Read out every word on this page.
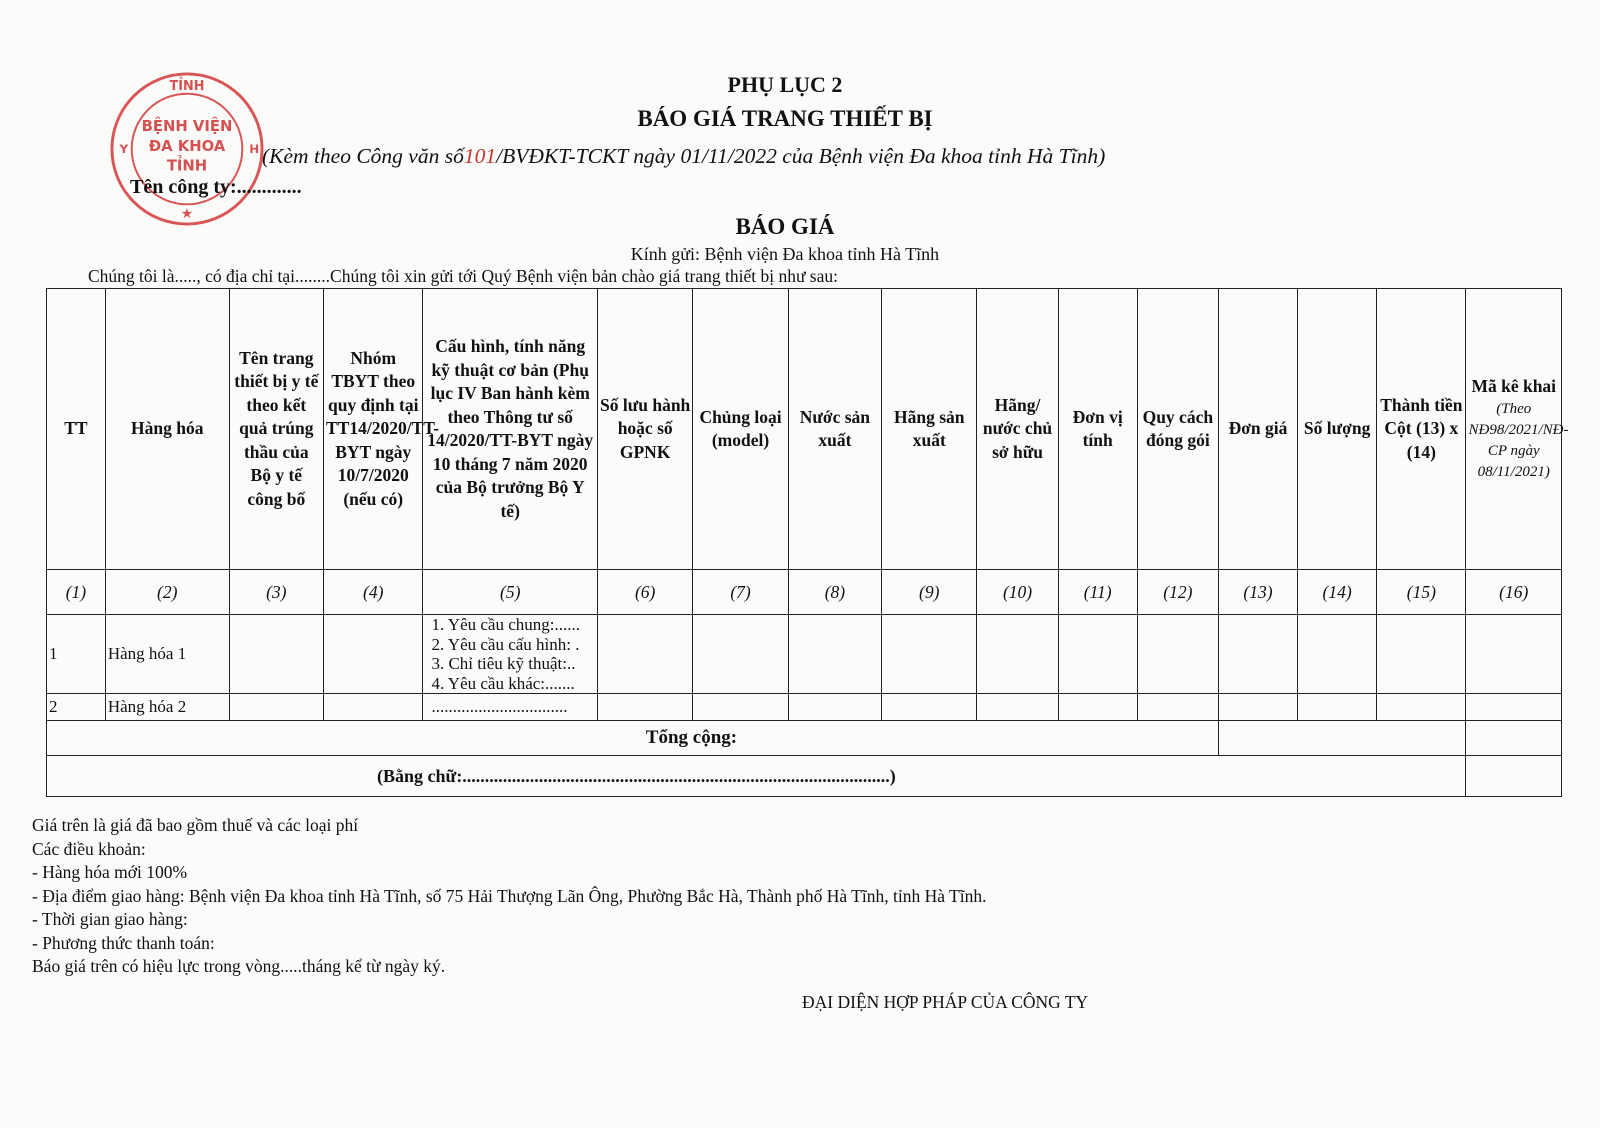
TỈNH
BỆNH VIỆN
ĐA KHOA
TỈNH
★
Y	H
PHỤ LỤC 2
BÁO GIÁ TRANG THIẾT BỊ
(Kèm theo Công văn số101/BVĐKT-TCKT ngày 01/11/2022 của Bệnh viện Đa khoa tỉnh Hà Tĩnh)
Tên công ty:.............
BÁO GIÁ
Kính gửi: Bệnh viện Đa khoa tỉnh Hà Tĩnh
Chúng tôi là....., có địa chỉ tại........Chúng tôi xin gửi tới Quý Bệnh viện bản chào giá trang thiết bị như sau:
TT	Hàng hóa	Tên trang thiết bị y tế theo kết quả trúng thầu của Bộ y tế công bố	Nhóm TBYT theo quy định tại TT14/2020/TT-BYT ngày 10/7/2020 (nếu có)	Cấu hình, tính năng kỹ thuật cơ bản (Phụ lục IV Ban hành kèm theo Thông tư số 14/2020/TT-BYT ngày 10 tháng 7 năm 2020 của Bộ trưởng Bộ Y tế)	Số lưu hành hoặc số GPNK	Chủng loại (model)	Nước sản xuất	Hãng sản xuất	Hãng/ nước chủ sở hữu	Đơn vị tính	Quy cách đóng gói	Đơn giá	Số lượng	Thành tiền Cột (13) x (14)	Mã kê khai
(Theo NĐ98/2021/NĐ-CP ngày 08/11/2021)
(1)	(2)	(3)	(4)	(5)	(6)	(7)	(8)	(9)	(10)	(11)	(12)	(13)	(14)	(15)	(16)
1	Hàng hóa 1			1. Yêu cầu chung:......
2. Yêu cầu cấu hình: .
3. Chỉ tiêu kỹ thuật:..
4. Yêu cầu khác:.......											

2	Hàng hóa 2			................................											
Tổng cộng:															
(Bằng chữ:...............................................................................................)															
Giá trên là giá đã bao gồm thuế và các loại phí
Các điều khoản:
- Hàng hóa mới 100%
- Địa điểm giao hàng: Bệnh viện Đa khoa tỉnh Hà Tĩnh, số 75 Hải Thượng Lãn Ông, Phường Bắc Hà, Thành phố Hà Tĩnh, tỉnh Hà Tĩnh.
- Thời gian giao hàng:
- Phương thức thanh toán:
Báo giá trên có hiệu lực trong vòng.....tháng kể từ ngày ký.
ĐẠI DIỆN HỢP PHÁP CỦA CÔNG TY
